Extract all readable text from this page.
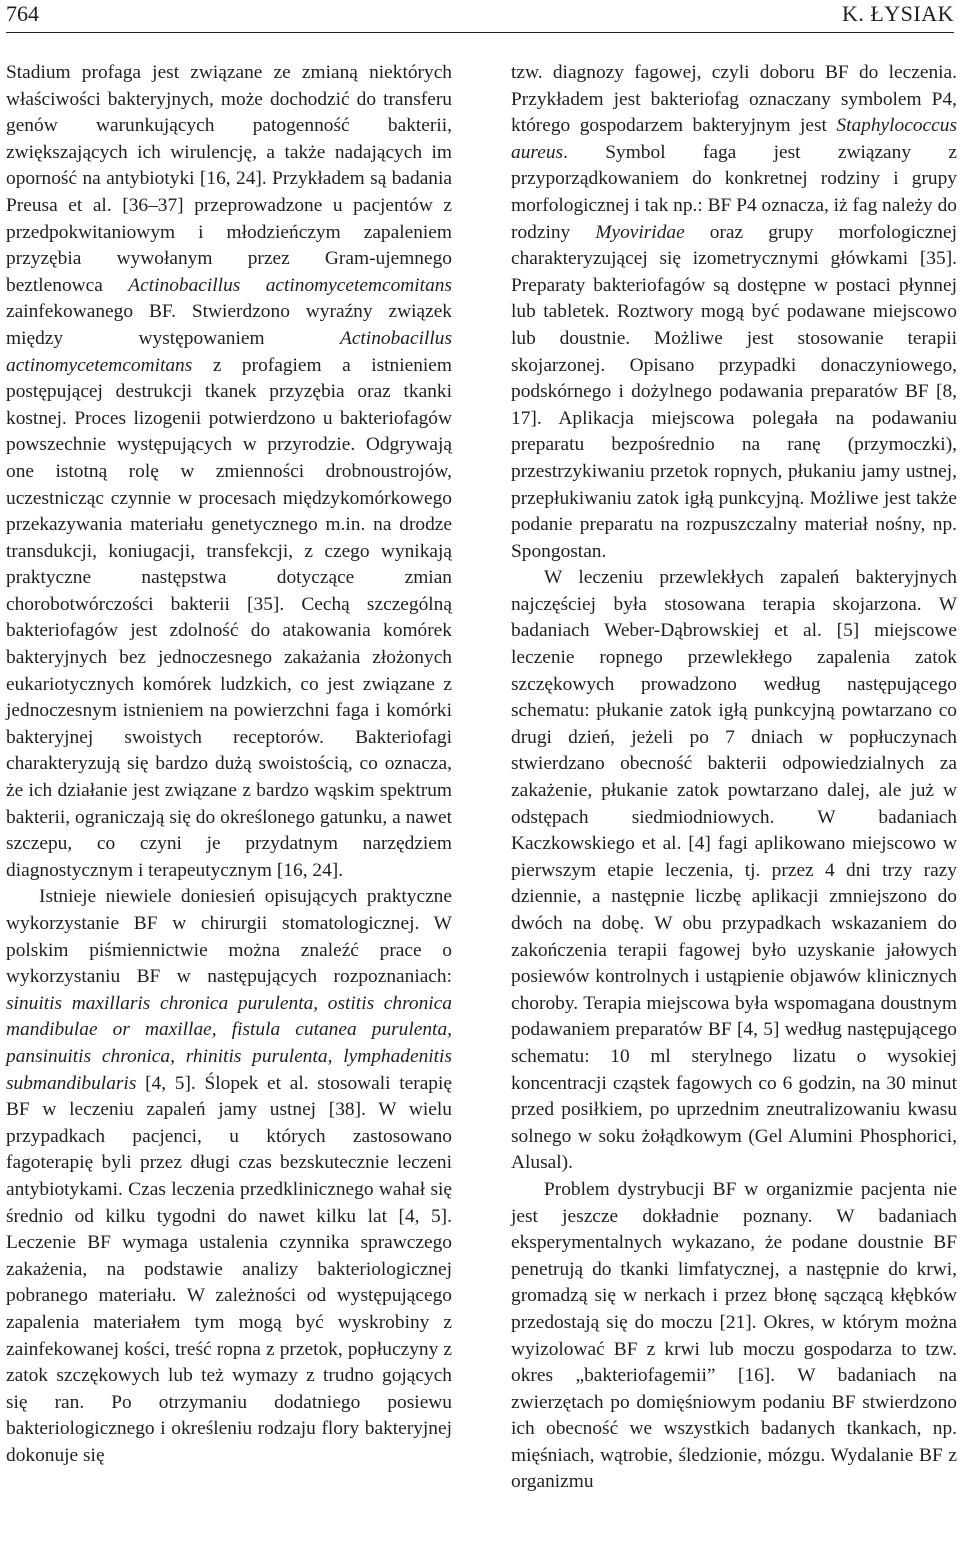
764	K. ŁYSIAK

Stadium profaga jest związane ze zmianą niektórych właściwości bakteryjnych, może dochodzić do transferu genów warunkujących patogenność bakterii, zwiększających ich wirulencję, a także nadających im oporność na antybiotyki [16, 24]. Przykładem są badania Preusa et al. [36–37] przeprowadzone u pacjentów z przedpokwitaniowym i młodzieńczym zapaleniem przyzębia wywołanym przez Gram-ujemnego beztlenowca Actinobacillus actinomycetemcomitans zainfekowanego BF. Stwierdzono wyraźny związek między występowaniem Actinobacillus actinomycetemcomitans z profagiem a istnieniem postępującej destrukcji tkanek przyzębia oraz tkanki kostnej. Proces lizogenii potwierdzono u bakteriofagów powszechnie występujących w przyrodzie. Odgrywają one istotną rolę w zmienności drobnoustrojów, uczestnicząc czynnie w procesach międzykomórkowego przekazywania materiału genetycznego m.in. na drodze transdukcji, koniugacji, transfekcji, z czego wynikają praktyczne następstwa dotyczące zmian chorobotwórczości bakterii [35]. Cechą szczególną bakteriofagów jest zdolność do atakowania komórek bakteryjnych bez jednoczesnego zakażania złożonych eukariotycznych komórek ludzkich, co jest związane z jednoczesnym istnieniem na powierzchni faga i komórki bakteryjnej swoistych receptorów. Bakteriofagi charakteryzują się bardzo dużą swoistością, co oznacza, że ich działanie jest związane z bardzo wąskim spektrum bakterii, ograniczają się do określonego gatunku, a nawet szczepu, co czyni je przydatnym narzędziem diagnostycznym i terapeutycznym [16, 24].

Istnieje niewiele doniesień opisujących praktyczne wykorzystanie BF w chirurgii stomatologicznej. W polskim piśmiennictwie można znaleźć prace o wykorzystaniu BF w następujących rozpoznaniach: sinuitis maxillaris chronica purulenta, ostitis chronica mandibulae or maxillae, fistula cutanea purulenta, pansinuitis chronica, rhinitis purulenta, lymphadenitis submandibularis [4, 5]. Ślopek et al. stosowali terapię BF w leczeniu zapaleń jamy ustnej [38]. W wielu przypadkach pacjenci, u których zastosowano fagoterapię byli przez długi czas bezskutecznie leczeni antybiotykami. Czas leczenia przedklinicznego wahał się średnio od kilku tygodni do nawet kilku lat [4, 5]. Leczenie BF wymaga ustalenia czynnika sprawczego zakażenia, na podstawie analizy bakteriologicznej pobranego materiału. W zależności od występującego zapalenia materiałem tym mogą być wyskrobiny z zainfekowanej kości, treść ropna z przetok, popłuczyny z zatok szczękowych lub też wymazy z trudno gojących się ran. Po otrzymaniu dodatniego posiewu bakteriologicznego i określeniu rodzaju flory bakteryjnej dokonuje się

tzw. diagnozy fagowej, czyli doboru BF do leczenia. Przykładem jest bakteriofag oznaczany symbolem P4, którego gospodarzem bakteryjnym jest Staphylococcus aureus. Symbol faga jest związany z przyporządkowaniem do konkretnej rodziny i grupy morfologicznej i tak np.: BF P4 oznacza, iż fag należy do rodziny Myoviridae oraz grupy morfologicznej charakteryzującej się izometrycznymi główkami [35]. Preparaty bakteriofagów są dostępne w postaci płynnej lub tabletek. Roztwory mogą być podawane miejscowo lub doustnie. Możliwe jest stosowanie terapii skojarzonej. Opisano przypadki donaczyniowego, podskórnego i dożylnego podawania preparatów BF [8, 17]. Aplikacja miejscowa polegała na podawaniu preparatu bezpośrednio na ranę (przymoczki), przestrzykiwaniu przetok ropnych, płukaniu jamy ustnej, przepłukiwaniu zatok igłą punkcyjną. Możliwe jest także podanie preparatu na rozpuszczalny materiał nośny, np. Spongostan.

W leczeniu przewlekłych zapaleń bakteryjnych najczęściej była stosowana terapia skojarzona. W badaniach Weber-Dąbrowskiej et al. [5] miejscowe leczenie ropnego przewlekłego zapalenia zatok szczękowych prowadzono według następującego schematu: płukanie zatok igłą punkcyjną powtarzano co drugi dzień, jeżeli po 7 dniach w popłuczynach stwierdzano obecność bakterii odpowiedzialnych za zakażenie, płukanie zatok powtarzano dalej, ale już w odstępach siedmiodniowych. W badaniach Kaczkowskiego et al. [4] fagi aplikowano miejscowo w pierwszym etapie leczenia, tj. przez 4 dni trzy razy dziennie, a następnie liczbę aplikacji zmniejszono do dwóch na dobę. W obu przypadkach wskazaniem do zakończenia terapii fagowej było uzyskanie jałowych posiewów kontrolnych i ustąpienie objawów klinicznych choroby. Terapia miejscowa była wspomagana doustnym podawaniem preparatów BF [4, 5] według następującego schematu: 10 ml sterylnego lizatu o wysokiej koncentracji cząstek fagowych co 6 godzin, na 30 minut przed posiłkiem, po uprzednim zneutralizowaniu kwasu solnego w soku żołądkowym (Gel Alumini Phosphorici, Alusal).

Problem dystrybucji BF w organizmie pacjenta nie jest jeszcze dokładnie poznany. W badaniach eksperymentalnych wykazano, że podane doustnie BF penetrują do tkanki limfatycznej, a następnie do krwi, gromadzą się w nerkach i przez błonę sączącą kłębków przedostają się do moczu [21]. Okres, w którym można wyizolować BF z krwi lub moczu gospodarza to tzw. okres „bakteriofagemii” [16]. W badaniach na zwierzętach po domięśniowym podaniu BF stwierdzono ich obecność we wszystkich badanych tkankach, np. mięśniach, wątrobie, śledzionie, mózgu. Wydalanie BF z organizmu
